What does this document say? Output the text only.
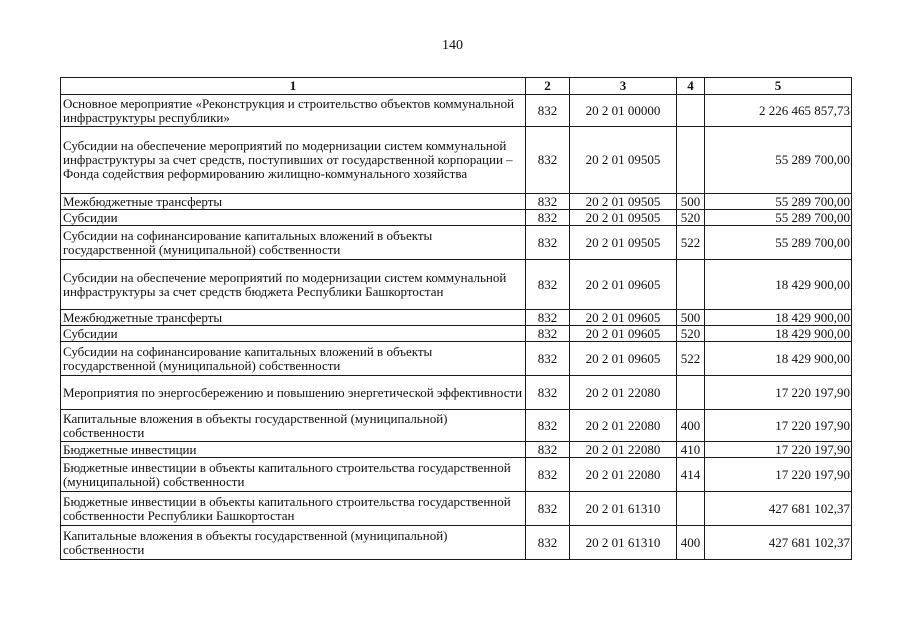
140
1	2	3	4	5
Основное мероприятие «Реконструкция и строительство объектов коммунальной инфраструктуры республики»	832	20 2 01 00000		2 226 465 857,73
Субсидии на обеспечение мероприятий по модернизации систем коммунальной инфраструктуры за счет средств, поступивших от государственной корпорации – Фонда содействия реформированию жилищно-коммунального хозяйства	832	20 2 01 09505		55 289 700,00
Межбюджетные трансферты	832	20 2 01 09505	500	55 289 700,00
Субсидии	832	20 2 01 09505	520	55 289 700,00
Субсидии на софинансирование капитальных вложений в объекты государственной (муниципальной) собственности	832	20 2 01 09505	522	55 289 700,00
Субсидии на обеспечение мероприятий по модернизации систем коммунальной инфраструктуры за счет средств бюджета Республики Башкортостан	832	20 2 01 09605		18 429 900,00
Межбюджетные трансферты	832	20 2 01 09605	500	18 429 900,00
Субсидии	832	20 2 01 09605	520	18 429 900,00
Субсидии на софинансирование капитальных вложений в объекты государственной (муниципальной) собственности	832	20 2 01 09605	522	18 429 900,00
Мероприятия по энергосбережению и повышению энергетической эффективности	832	20 2 01 22080		17 220 197,90
Капитальные вложения в объекты государственной (муниципальной) собственности	832	20 2 01 22080	400	17 220 197,90
Бюджетные инвестиции	832	20 2 01 22080	410	17 220 197,90
Бюджетные инвестиции в объекты капитального строительства государственной (муниципальной) собственности	832	20 2 01 22080	414	17 220 197,90
Бюджетные инвестиции в объекты капитального строительства государственной собственности Республики Башкортостан	832	20 2 01 61310		427 681 102,37
Капитальные вложения в объекты государственной (муниципальной) собственности	832	20 2 01 61310	400	427 681 102,37
